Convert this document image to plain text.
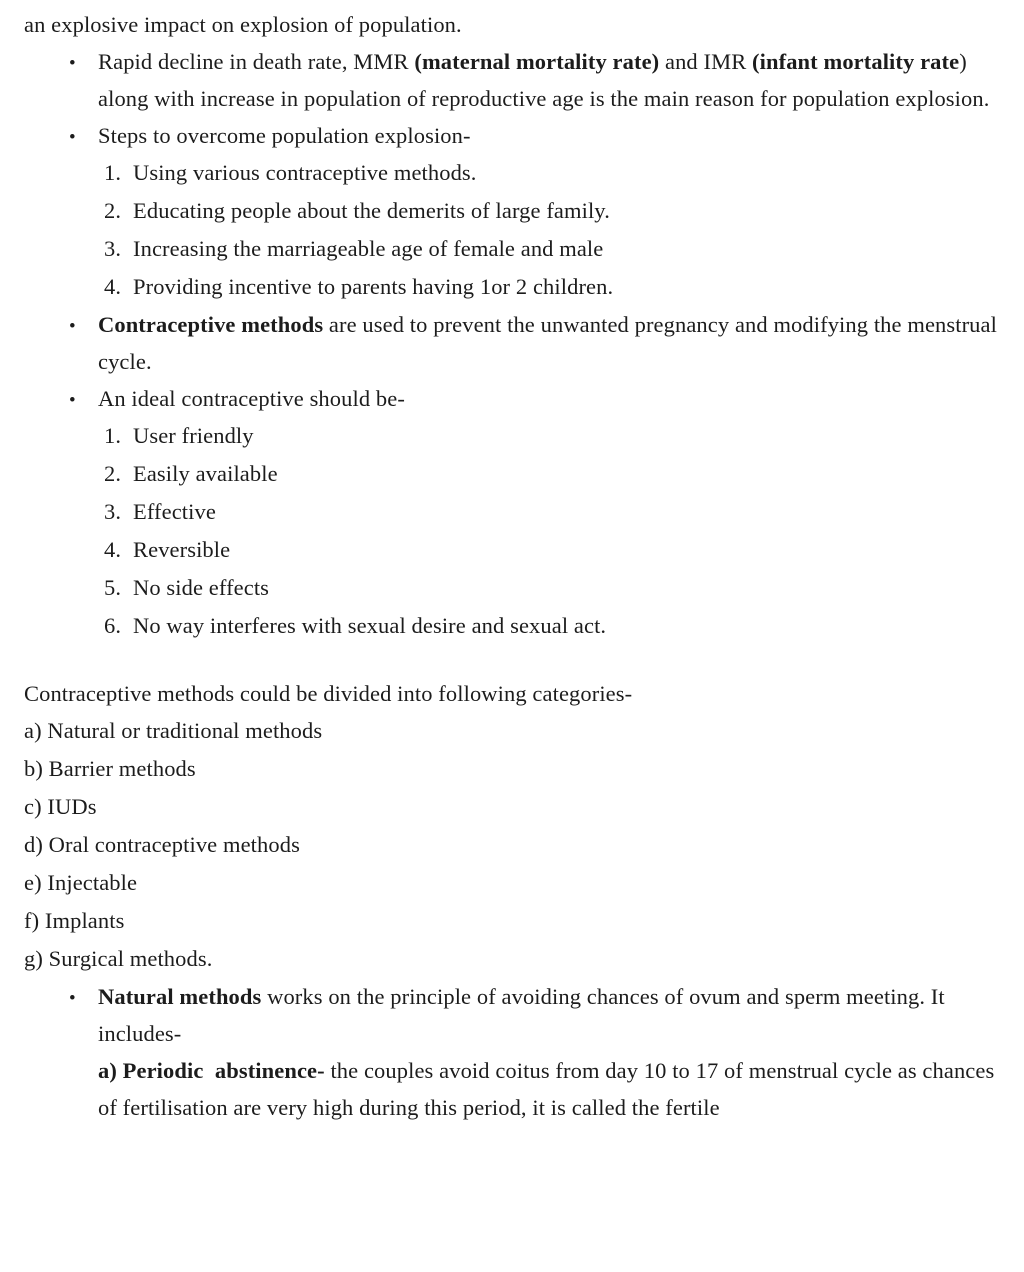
an explosive impact on explosion of population.

•
Rapid decline in death rate, MMR (maternal mortality rate) and IMR (infant mortality rate) along with increase in population of reproductive age is the main reason for population explosion.
•
Steps to overcome population explosion-
1. Using various contraceptive methods.
2. Educating people about the demerits of large family.
3. Increasing the marriageable age of female and male
4. Providing incentive to parents having 1or 2 children.
•
Contraceptive methods are used to prevent the unwanted pregnancy and modifying the menstrual cycle.
•
An ideal contraceptive should be-
1. User friendly
2. Easily available
3. Effective
4. Reversible
5. No side effects
6. No way interferes with sexual desire and sexual act.

Contraceptive methods could be divided into following categories-

a) Natural or traditional methods
b) Barrier methods
c) IUDs
d) Oral contraceptive methods
e) Injectable
f) Implants
g) Surgical methods.
•
Natural methods works on the principle of avoiding chances of ovum and sperm meeting. It includes-
a) Periodic  abstinence- the couples avoid coitus from day 10 to 17 of menstrual cycle as chances of fertilisation are very high during this period, it is called the fertile
